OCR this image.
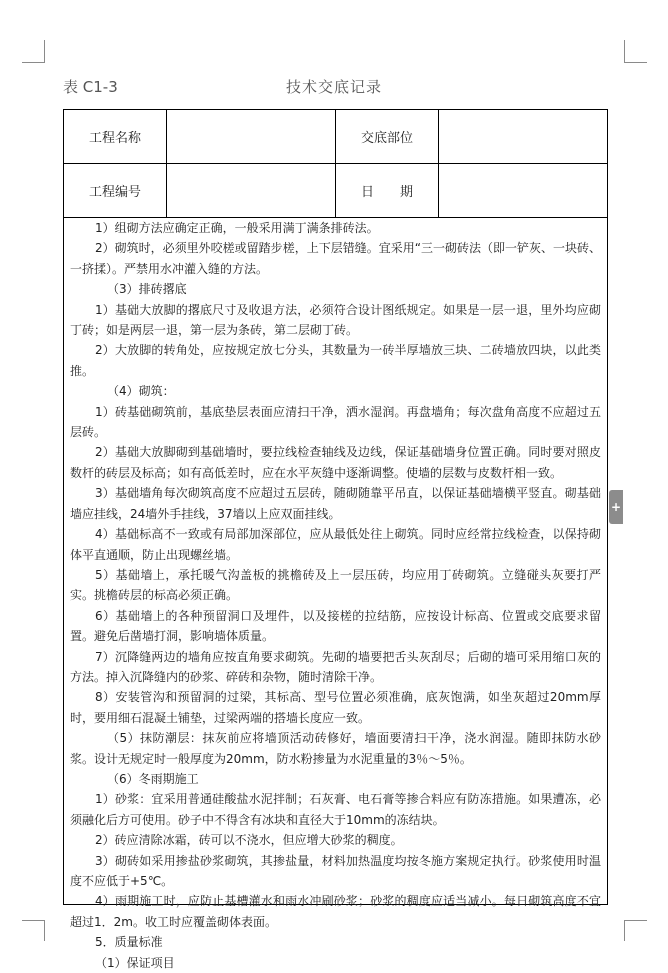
表 C1-3	技术交底记录
工程名称	交底部位
工程编号	日　　期

1）组砌方法应确定正确，一般采用满丁满条排砖法。

2）砌筑时，必须里外咬槎或留踏步槎，上下层错缝。宜采用“三一砌砖法（即一铲灰、一块砖、一挤揉）。严禁用水冲灌入缝的方法。

（3）排砖撂底

1）基础大放脚的撂底尺寸及收退方法，必须符合设计图纸规定。如果是一层一退，里外均应砌丁砖；如是两层一退，第一层为条砖，第二层砌丁砖。

2）大放脚的转角处，应按规定放七分头，其数量为一砖半厚墙放三块、二砖墙放四块，以此类推。

（4）砌筑：

1）砖基础砌筑前，基底垫层表面应清扫干净，洒水湿润。再盘墙角；每次盘角高度不应超过五层砖。

2）基础大放脚砌到基础墙时，要拉线检查轴线及边线，保证基础墙身位置正确。同时要对照皮数杆的砖层及标高；如有高低差时，应在水平灰缝中逐渐调整。使墙的层数与皮数杆相一致。

3）基础墙角每次砌筑高度不应超过五层砖，随砌随靠平吊直，以保证基础墙横平竖直。砌基础墙应挂线，24墙外手挂线，37墙以上应双面挂线。

4）基础标高不一致或有局部加深部位，应从最低处往上砌筑。同时应经常拉线检查，以保持砌体平直通顺，防止出现螺丝墙。

5）基础墙上，承托暖气沟盖板的挑檐砖及上一层压砖，均应用丁砖砌筑。立缝碰头灰要打严实。挑檐砖层的标高必须正确。

6）基础墙上的各种预留洞口及埋件，以及接槎的拉结筋，应按设计标高、位置或交底要求留置。避免后凿墙打洞，影响墙体质量。

7）沉降缝两边的墙角应按直角要求砌筑。先砌的墙要把舌头灰刮尽；后砌的墙可采用缩口灰的方法。掉入沉降缝内的砂浆、碎砖和杂物，随时清除干净。

8）安装管沟和预留洞的过梁，其标高、型号位置必须准确，底灰饱满，如坐灰超过20mm厚时，要用细石混凝土铺垫，过梁两端的搭墙长度应一致。

（5）抹防潮层：抹灰前应将墙顶活动砖修好，墙面要清扫干净，浇水润湿。随即抹防水砂浆。设计无规定时一般厚度为20mm，防水粉掺量为水泥重量的3％～5％。

（6）冬雨期施工

1）砂浆：宜采用普通硅酸盐水泥拌制；石灰膏、电石膏等掺合料应有防冻措施。如果遭冻，必须融化后方可使用。砂子中不得含有冰块和直径大于10mm的冻结块。

2）砖应清除冰霜，砖可以不浇水，但应增大砂浆的稠度。

3）砌砖如采用掺盐砂浆砌筑，其掺盐量，材料加热温度均按冬施方案规定执行。砂浆使用时温度不应低于+5℃。

4）雨期施工时，应防止基槽灌水和雨水冲刷砂浆；砂浆的稠度应适当减小。每日砌筑高度不宜超过1．2m。收工时应覆盖砌体表面。

5．质量标准

（1）保证项目

+
